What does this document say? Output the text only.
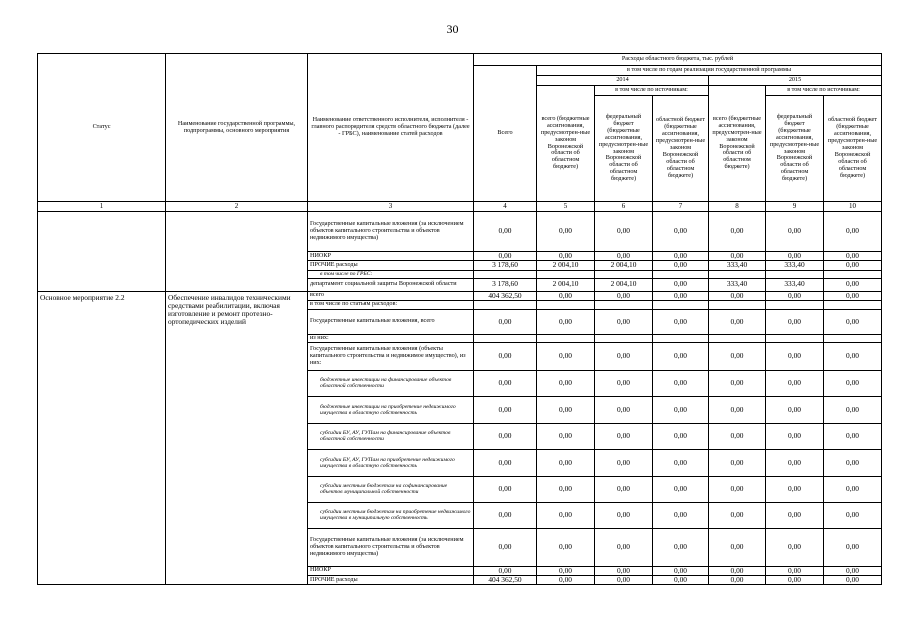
30
Статус	Наименование государственной программы, подпрограммы, основного мероприятия	Наименование ответственного исполнителя, исполнителя - главного распорядителя средств областного бюджета (далее - ГРБС), наименование статей расходов	Расходы областного бюджета, тыс. рублей						
			Всего	в том числе по годам реализации государственной программы					
				2014			2015		
				всего (бюджетные ассигнования, предусмотрен-ные законом Воронежской области об областном бюджете)	в том числе по источникам:		всего (бюджетные ассигнования, предусмотрен-ные законом Воронежской области об областном бюджете)	в том числе по источникам:	
					федеральный бюджет (бюджетные ассигнования, предусмотрен-ные законом Воронежской области об областном бюджете)	областной бюджет (бюджетные ассигнования, предусмотрен-ные законом Воронежской области об областном бюджете)		федеральный бюджет (бюджетные ассигнования, предусмотрен-ные законом Воронежской области об областном бюджете)	областной бюджет (бюджетные ассигнования, предусмотрен-ные законом Воронежской области об областном бюджете)
1	2	3	4	5	6	7	8	9	10
		Государственные капитальные вложения (за исключением объектов капитального строительства и объектов недвижимого имущества)	0,00	0,00	0,00	0,00	0,00	0,00	0,00
		НИОКР	0,00	0,00	0,00	0,00	0,00	0,00	0,00
		ПРОЧИЕ расходы	3 178,60	2 004,10	2 004,10	0,00	333,40	333,40	0,00
		в том числе по ГРБС:							
		департамент социальной защиты Воронежской области	3 178,60	2 004,10	2 004,10	0,00	333,40	333,40	0,00
Основное мероприятие 2.2	Обеспечение инвалидов техническими средствами реабилитации, включая изготовление и ремонт протезно-ортопедических изделий	всего	404 362,50	0,00	0,00	0,00	0,00	0,00	0,00
		в том числе по статьям расходов:							
		Государственные капитальные вложения, всего	0,00	0,00	0,00	0,00	0,00	0,00	0,00
		из них:							
		Государственные капитальные вложения (объекты капитального строительства и недвижимое имущество), из них:	0,00	0,00	0,00	0,00	0,00	0,00	0,00
		бюджетные инвестиции на финансирование объектов областной собственности	0,00	0,00	0,00	0,00	0,00	0,00	0,00
		бюджетные инвестиции на приобретение недвижимого имущества в областную собственность	0,00	0,00	0,00	0,00	0,00	0,00	0,00
		субсидии БУ, АУ, ГУПам на финансирование объектов областной собственности	0,00	0,00	0,00	0,00	0,00	0,00	0,00
		субсидии БУ, АУ, ГУПам на приобретение недвижимого имущества в областную собственность	0,00	0,00	0,00	0,00	0,00	0,00	0,00
		субсидии местным бюджетам на софинансирование объектов муниципальной собственности	0,00	0,00	0,00	0,00	0,00	0,00	0,00
		субсидии местным бюджетам на приобретение недвижимого имущества в муниципальную собственность	0,00	0,00	0,00	0,00	0,00	0,00	0,00
		Государственные капитальные вложения (за исключением объектов капитального строительства и объектов недвижимого имущества)	0,00	0,00	0,00	0,00	0,00	0,00	0,00
		НИОКР	0,00	0,00	0,00	0,00	0,00	0,00	0,00
		ПРОЧИЕ расходы	404 362,50	0,00	0,00	0,00	0,00	0,00	0,00
